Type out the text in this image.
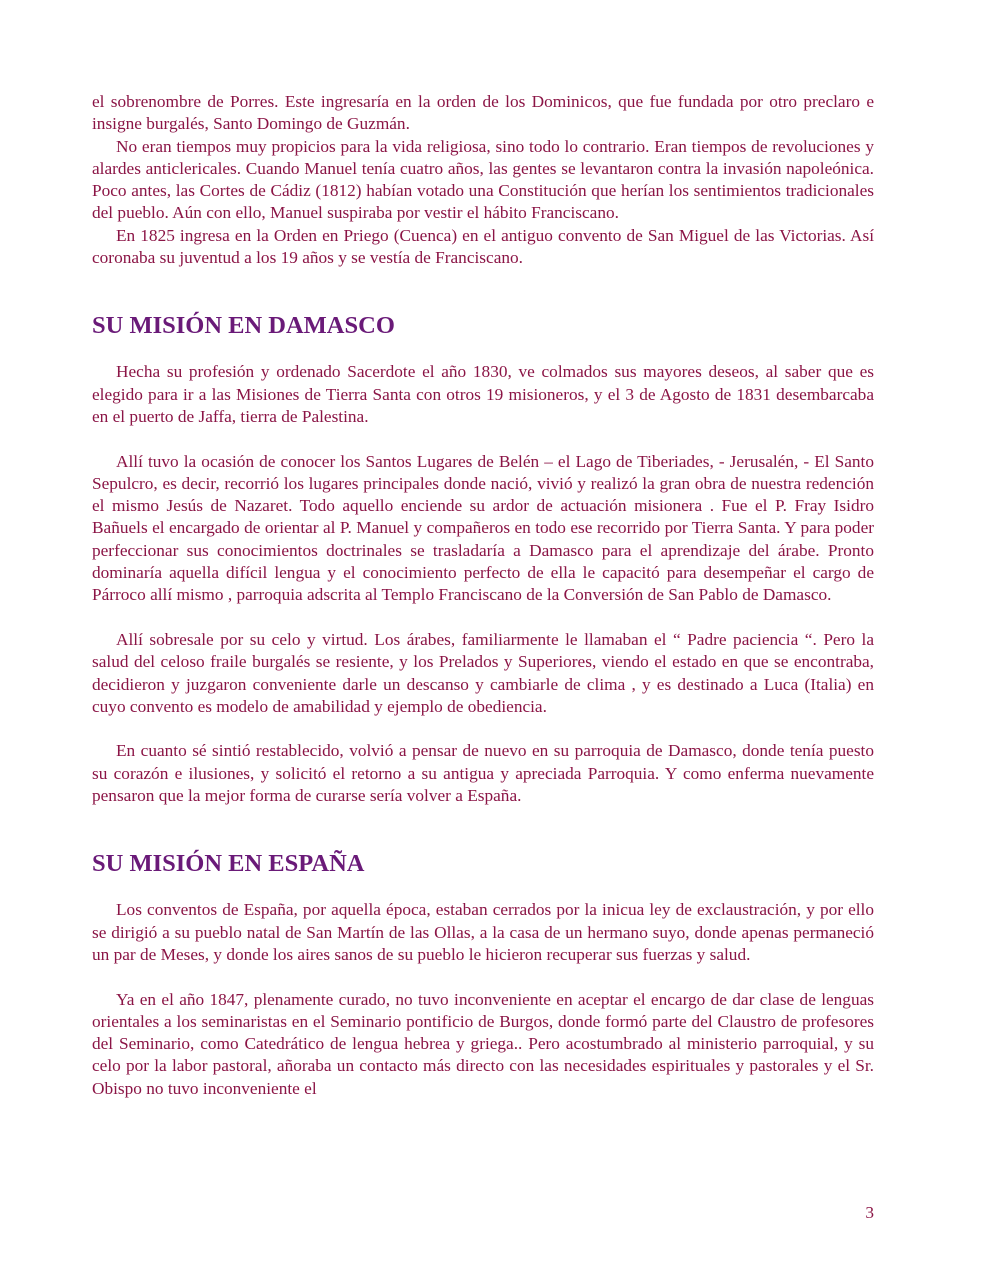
el sobrenombre de Porres. Este ingresaría en la orden de los Dominicos, que fue fundada por otro preclaro e insigne burgalés, Santo Domingo de Guzmán.

No eran tiempos muy propicios para la vida religiosa, sino todo lo contrario. Eran tiempos de revoluciones y alardes anticlericales. Cuando Manuel tenía cuatro años, las gentes se levantaron contra la invasión napoleónica. Poco antes, las Cortes de Cádiz (1812) habían votado una Constitución que herían los sentimientos tradicionales del pueblo. Aún con ello, Manuel suspiraba por vestir el hábito Franciscano.

En 1825 ingresa en la Orden en Priego (Cuenca) en el antiguo convento de San Miguel de las Victorias. Así coronaba su juventud a los 19 años y se vestía de Franciscano.

SU MISIÓN EN DAMASCO

Hecha su profesión y ordenado Sacerdote el año 1830, ve colmados sus mayores deseos, al saber que es elegido para ir a las Misiones de Tierra Santa con otros 19 misioneros, y el 3 de Agosto de 1831 desembarcaba en el puerto de Jaffa, tierra de Palestina.

Allí tuvo la ocasión de conocer los Santos Lugares de Belén – el Lago de Tiberiades, - Jerusalén, - El Santo Sepulcro, es decir, recorrió los lugares principales donde nació, vivió y realizó la gran obra de nuestra redención el mismo Jesús de Nazaret. Todo aquello enciende su ardor de actuación misionera . Fue el P. Fray Isidro Bañuels el encargado de orientar al P. Manuel y compañeros en todo ese recorrido por Tierra Santa. Y para poder perfeccionar sus conocimientos doctrinales se trasladaría a Damasco para el aprendizaje del árabe. Pronto dominaría aquella difícil lengua y el conocimiento perfecto de ella le capacitó para desempeñar el cargo de Párroco allí mismo , parroquia adscrita al Templo Franciscano de la Conversión de San Pablo de Damasco.

Allí sobresale por su celo y virtud. Los árabes, familiarmente le llamaban el “ Padre paciencia “. Pero la salud del celoso fraile burgalés se resiente, y los Prelados y Superiores, viendo el estado en que se encontraba, decidieron y juzgaron conveniente darle un descanso y cambiarle de clima , y es destinado a Luca (Italia) en cuyo convento es modelo de amabilidad y ejemplo de obediencia.

En cuanto sé sintió restablecido, volvió a pensar de nuevo en su parroquia de Damasco, donde tenía puesto su corazón e ilusiones, y solicitó el retorno a su antigua y apreciada Parroquia. Y como enferma nuevamente pensaron que la mejor forma de curarse sería volver a España.

SU MISIÓN EN ESPAÑA

Los conventos de España, por aquella época, estaban cerrados por la inicua ley de exclaustración, y por ello se dirigió a su pueblo natal de San Martín de las Ollas, a la casa de un hermano suyo, donde apenas permaneció un par de Meses, y donde los aires sanos de su pueblo le hicieron recuperar sus fuerzas y salud.

Ya en el año 1847, plenamente curado, no tuvo inconveniente en aceptar el encargo de dar clase de lenguas orientales a los seminaristas en el Seminario pontificio de Burgos, donde formó parte del Claustro de profesores del Seminario, como Catedrático de lengua hebrea y griega.. Pero acostumbrado al ministerio parroquial, y su celo por la labor pastoral, añoraba un contacto más directo con las necesidades espirituales y pastorales y el Sr. Obispo no tuvo inconveniente el

3
